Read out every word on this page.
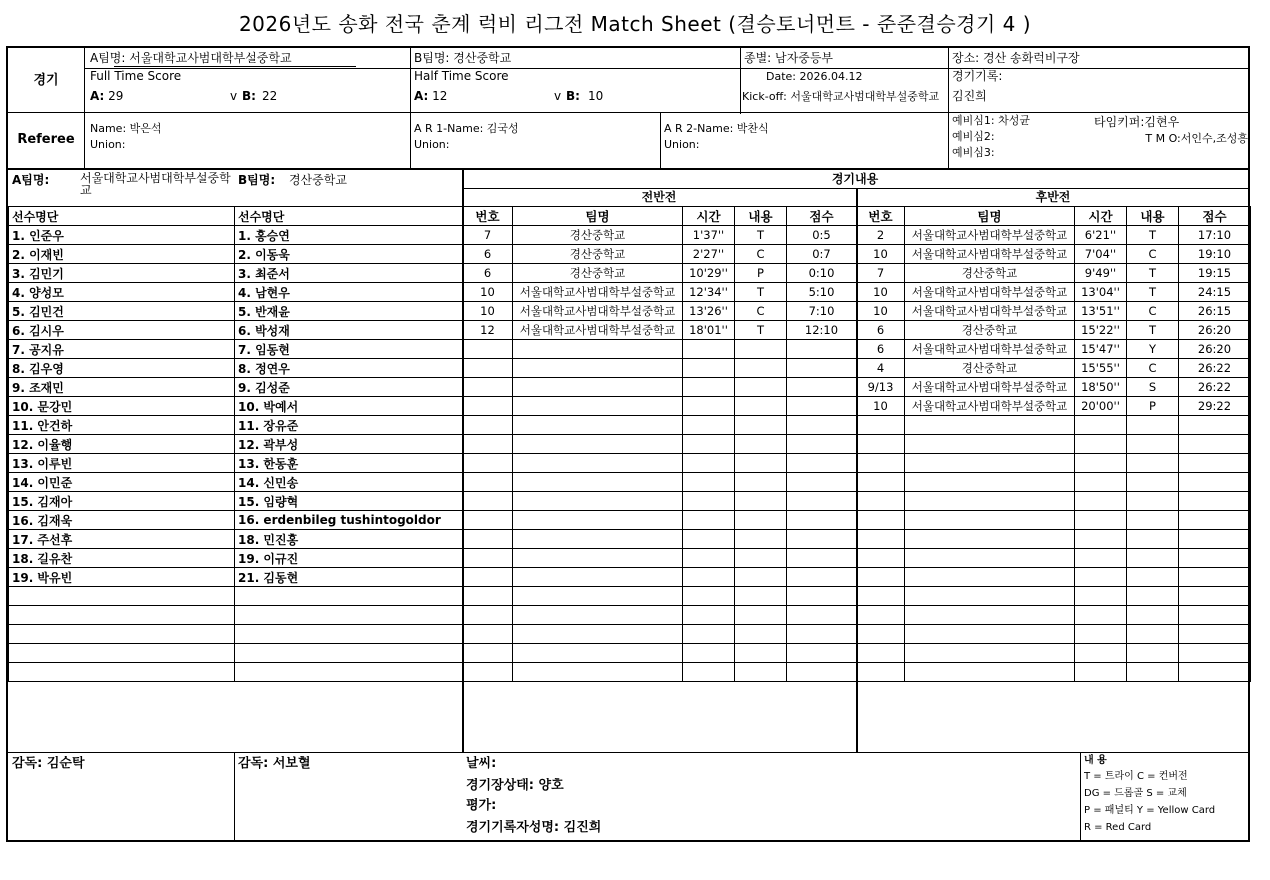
2026년도 송화 전국 춘계 럭비 리그전 Match Sheet (결승토너먼트 - 준준결승경기 4 )
경기
A팀명: 서울대학교사범대학부설중학교	B팀명: 경산중학교	종별: 남자중등부	장소: 경산 송화럭비구장
Full Time Score	Half Time Score	Date: 2026.04.12	경기기록:
A: 29	v B: 22	A: 12	v B: 10	Kick-off: 서울대학교사범대학부설중학교	김진희
Referee
Name: 박은석
Union:
A R 1-Name: 김국성
Union:
A R 2-Name: 박찬식
Union:
예비심1: 차성균
예비심2:
예비심3:
타임키퍼:김현우
T M O:서인수,조성흥
A팀명:	서울대학교사범대학부설중학교
B팀명: 경산중학교
선수명단	선수명단
1. 인준우	1. 홍승연
2. 이재빈	2. 이동욱
3. 김민기	3. 최준서
4. 양성모	4. 남현우
5. 김민건	5. 반재윤
6. 김시우	6. 박성재
7. 공지유	7. 임동현
8. 김우영	8. 정연우
9. 조재민	9. 김성준
10. 문강민	10. 박예서
11. 안건하	11. 장유준
12. 이율행	12. 곽부성
13. 이루빈	13. 한동훈
14. 이민준	14. 신민송
15. 김재아	15. 임량혁
16. 김재욱	16. erdenbileg tushintogoldor
17. 주선후	18. 민진홍
18. 길유찬	19. 이규진
19. 박유빈	21. 김동현

경기내용
전반전	후반전
번호	팀명	시간	내용	점수	번호	팀명	시간	내용	점수
7	경산중학교	1'37''	T	0:5	2	서울대학교사범대학부설중학교	6'21''	T	17:10
6	경산중학교	2'27''	C	0:7	10	서울대학교사범대학부설중학교	7'04''	C	19:10
6	경산중학교	10'29''	P	0:10	7	경산중학교	9'49''	T	19:15
10	서울대학교사범대학부설중학교	12'34''	T	5:10	10	서울대학교사범대학부설중학교	13'04''	T	24:15
10	서울대학교사범대학부설중학교	13'26''	C	7:10	10	서울대학교사범대학부설중학교	13'51''	C	26:15
12	서울대학교사범대학부설중학교	18'01''	T	12:10	6	경산중학교	15'22''	T	26:20
					6	서울대학교사범대학부설중학교	15'47''	Y	26:20
					4	경산중학교	15'55''	C	26:22
					9/13	서울대학교사범대학부설중학교	18'50''	S	26:22
					10	서울대학교사범대학부설중학교	20'00''	P	29:22

감독: 김순탁	감독: 서보혈	날씨:
경기장상태: 양호
평가:
경기기록자성명: 김진희
내 용
T = 트라이 C = 컨버전
DG = 드롭골 S = 교체
P = 패널티 Y = Yellow Card
R = Red Card
